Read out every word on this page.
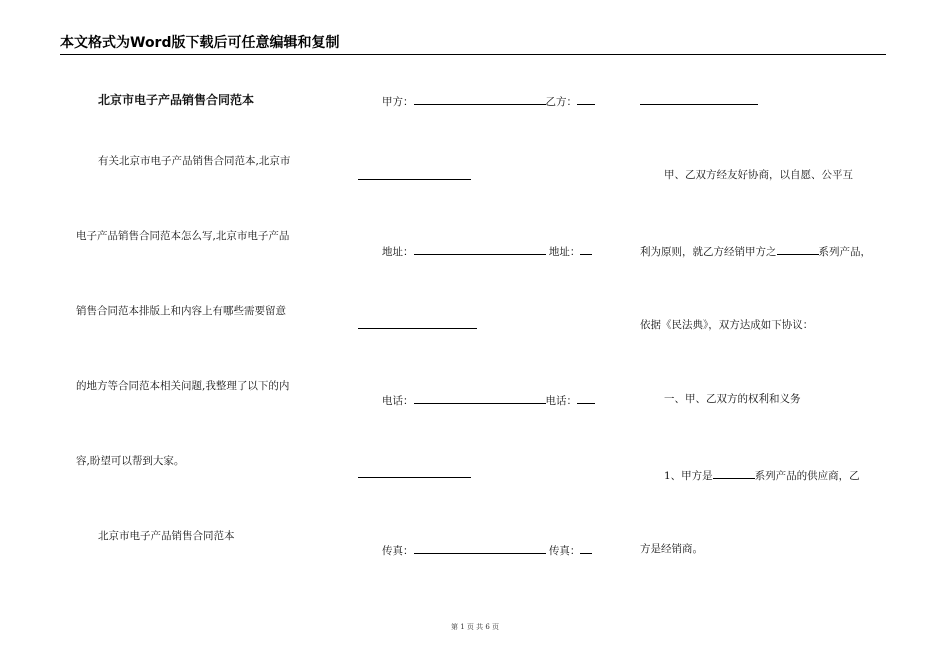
本文格式为Word版下载后可任意编辑和复制
北京市电子产品销售合同范本
有关北京市电子产品销售合同范本,北京市
电子产品销售合同范本怎么写,北京市电子产品
销售合同范本排版上和内容上有哪些需要留意
的地方等合同范本相关问题,我整理了以下的内
容,盼望可以帮到大家。
北京市电子产品销售合同范本
甲方：	乙方：
地址：	地址：
电话：	电话：
传真：	传真：
甲、乙双方经友好协商，以自愿、公平互
利为原则，就乙方经销甲方之	系列产品，
依据《民法典》，双方达成如下协议：
一、甲、乙双方的权利和义务
1、甲方是	系列产品的供应商，乙
方是经销商。
第 1 页 共 6 页
